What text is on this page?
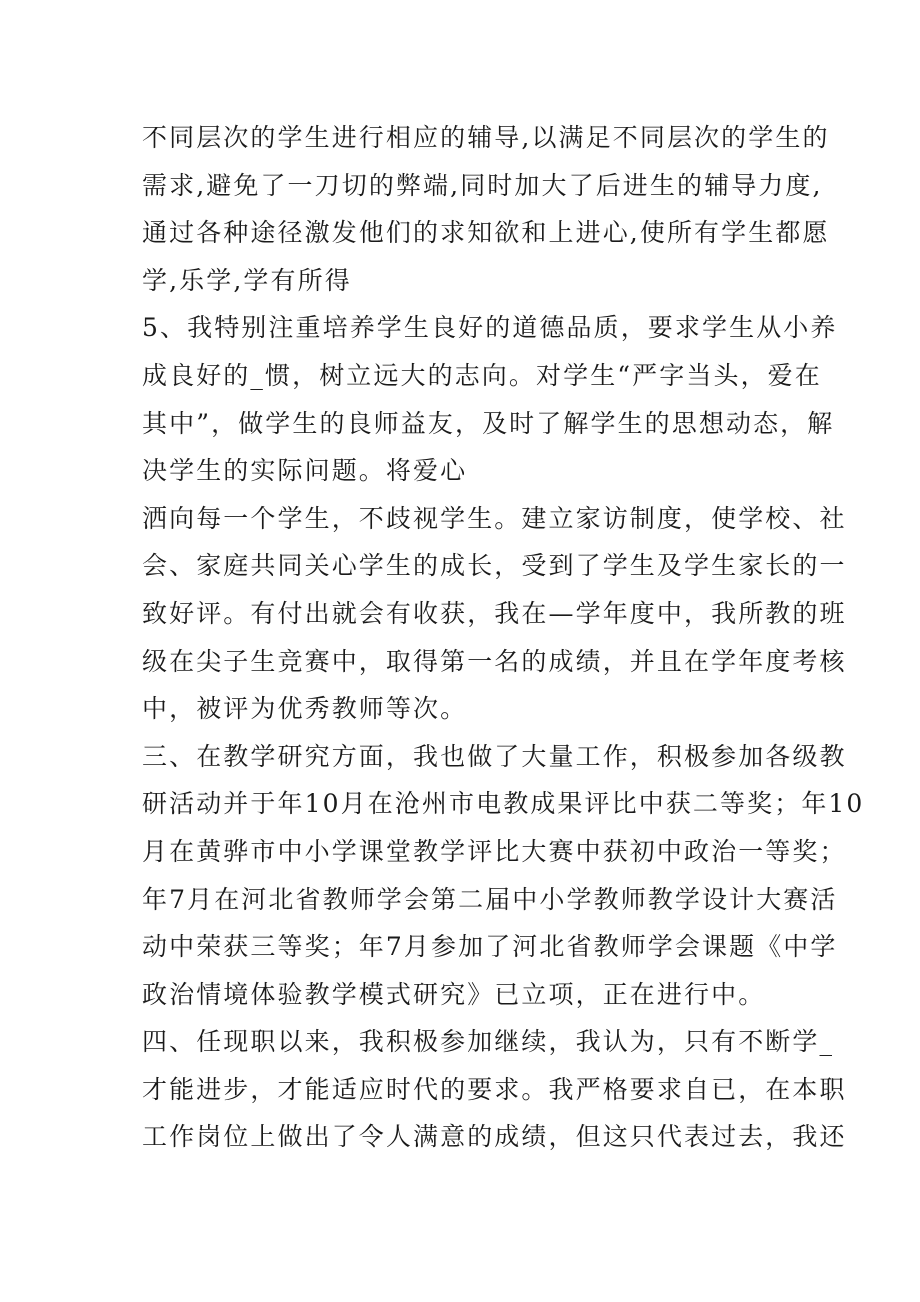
不同层次的学生进行相应的辅导,以满足不同层次的学生的
需求,避免了一刀切的弊端,同时加大了后进生的辅导力度,
通过各种途径激发他们的求知欲和上进心,使所有学生都愿
学,乐学,学有所得
5、我特别注重培养学生良好的道德品质，要求学生从小养
成良好的_惯，树立远大的志向。对学生“严字当头，爱在
其中”，做学生的良师益友，及时了解学生的思想动态，解
决学生的实际问题。将爱心
洒向每一个学生，不歧视学生。建立家访制度，使学校、社
会、家庭共同关心学生的成长，受到了学生及学生家长的一
致好评。有付出就会有收获，我在—学年度中，我所教的班
级在尖子生竞赛中，取得第一名的成绩，并且在学年度考核
中，被评为优秀教师等次。
三、在教学研究方面，我也做了大量工作，积极参加各级教
研活动并于年10月在沧州市电教成果评比中获二等奖；年10
月在黄骅市中小学课堂教学评比大赛中获初中政治一等奖；
年7月在河北省教师学会第二届中小学教师教学设计大赛活
动中荣获三等奖；年7月参加了河北省教师学会课题《中学
政治情境体验教学模式研究》已立项，正在进行中。
四、任现职以来，我积极参加继续，我认为，只有不断学_
才能进步，才能适应时代的要求。我严格要求自已，在本职
工作岗位上做出了令人满意的成绩，但这只代表过去，我还
